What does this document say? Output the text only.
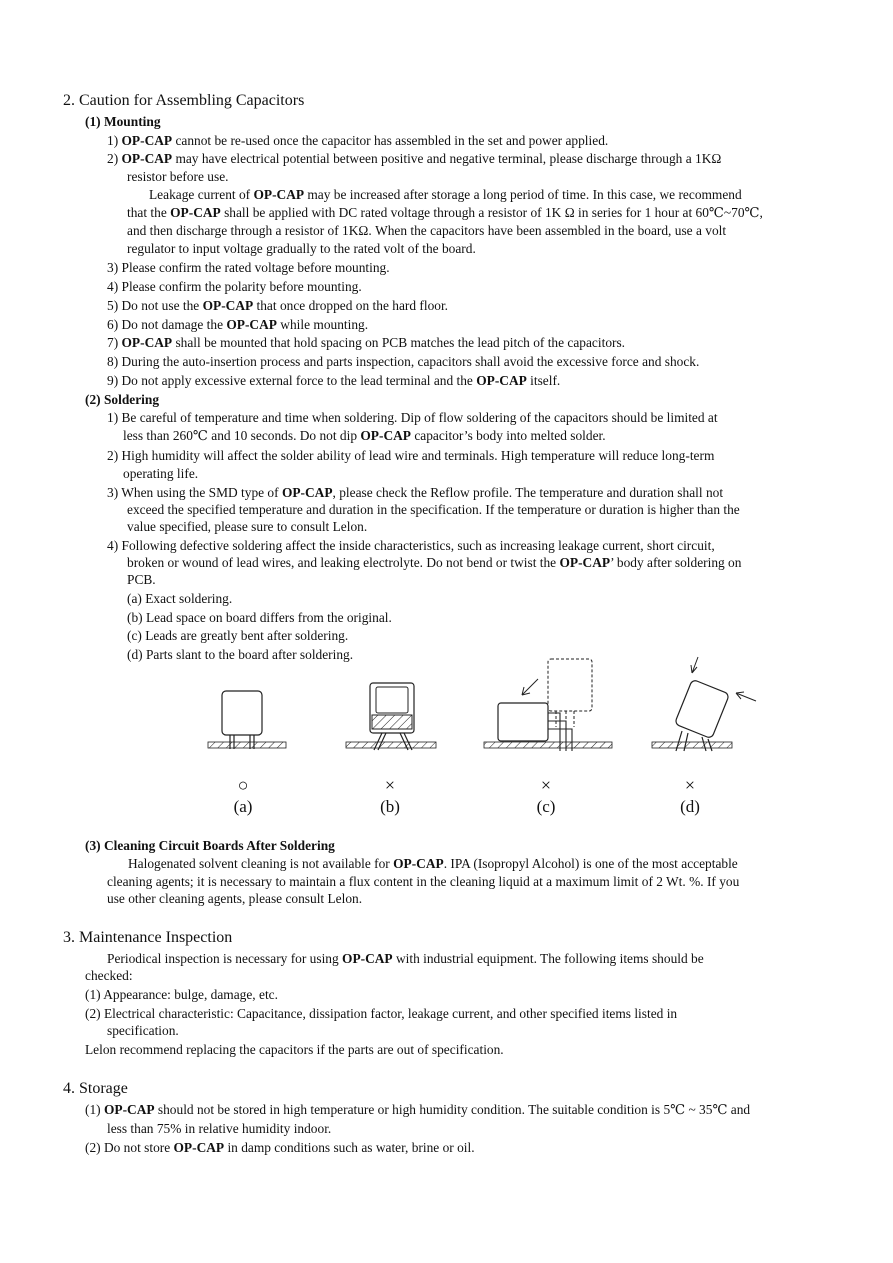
2. Caution for Assembling Capacitors
(1) Mounting
1) OP-CAP cannot be re-used once the capacitor has assembled in the set and power applied.
2) OP-CAP may have electrical potential between positive and negative terminal, please discharge through a 1KΩ
resistor before use.
Leakage current of OP-CAP may be increased after storage a long period of time. In this case, we recommend
that the OP-CAP shall be applied with DC rated voltage through a resistor of 1K Ω in series for 1 hour at 60℃~70℃,
and then discharge through a resistor of 1KΩ. When the capacitors have been assembled in the board, use a volt
regulator to input voltage gradually to the rated volt of the board.
3) Please confirm the rated voltage before mounting.
4) Please confirm the polarity before mounting.
5) Do not use the OP-CAP that once dropped on the hard floor.
6) Do not damage the OP-CAP while mounting.
7) OP-CAP shall be mounted that hold spacing on PCB matches the lead pitch of the capacitors.
8) During the auto-insertion process and parts inspection, capacitors shall avoid the excessive force and shock.
9) Do not apply excessive external force to the lead terminal and the OP-CAP itself.
(2) Soldering
1) Be careful of temperature and time when soldering. Dip of flow soldering of the capacitors should be limited at
less than 260℃ and 10 seconds. Do not dip OP-CAP capacitor’s body into melted solder.
2) High humidity will affect the solder ability of lead wire and terminals. High temperature will reduce long-term
operating life.
3) When using the SMD type of OP-CAP, please check the Reflow profile. The temperature and duration shall not
exceed the specified temperature and duration in the specification. If the temperature or duration is higher than the
value specified, please sure to consult Lelon.
4) Following defective soldering affect the inside characteristics, such as increasing leakage current, short circuit,
broken or wound of lead wires, and leaking electrolyte. Do not bend or twist the OP-CAP’ body after soldering on
PCB.
(a) Exact soldering.
(b) Lead space on board differs from the original.
(c) Leads are greatly bent after soldering.
(d) Parts slant to the board after soldering.
○	×	×	×
(a)	(b)	(c)	(d)
(3) Cleaning Circuit Boards After Soldering
Halogenated solvent cleaning is not available for OP-CAP. IPA (Isopropyl Alcohol) is one of the most acceptable
cleaning agents; it is necessary to maintain a flux content in the cleaning liquid at a maximum limit of 2 Wt. %. If you
use other cleaning agents, please consult Lelon.
3. Maintenance Inspection
Periodical inspection is necessary for using OP-CAP with industrial equipment. The following items should be
checked:
(1) Appearance: bulge, damage, etc.
(2) Electrical characteristic: Capacitance, dissipation factor, leakage current, and other specified items listed in
specification.
Lelon recommend replacing the capacitors if the parts are out of specification.
4. Storage
(1) OP-CAP should not be stored in high temperature or high humidity condition. The suitable condition is 5℃ ~ 35℃ and
less than 75% in relative humidity indoor.
(2) Do not store OP-CAP in damp conditions such as water, brine or oil.
